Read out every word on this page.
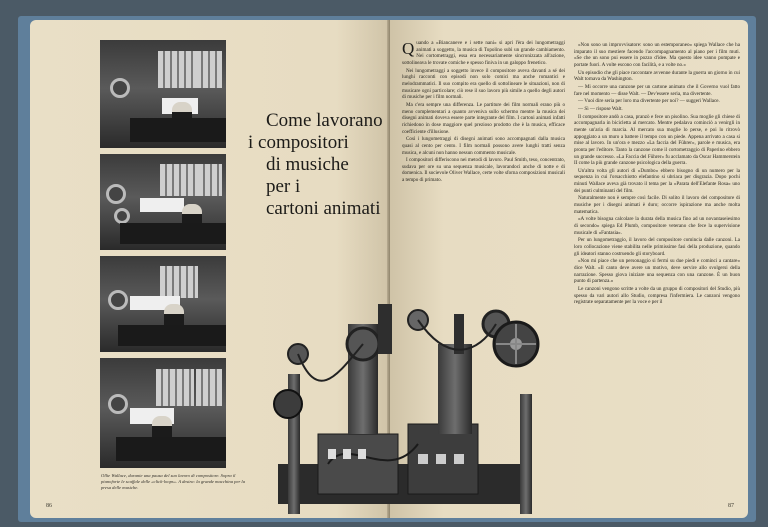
Come lavorano
i compositori
di musiche
per i
cartoni animati
Ollie Wallace, durante una pausa del suo lavoro di compositore. Sopra il pianoforte le scaffale delle «click-loops». A destra: la grande macchina per la presa delle musiche.
86

Quando a «Biancaneve e i sette nani» si apri l'èra dei lungometraggi animati a soggetto, la musica di Topolino subì un grande cambiamento. Nei cortometraggi, essa era necessariamente sincronizzata all'azione, sottolineava le trovate comiche e spesso finiva in un galoppo frenetico.

Nei lungometraggi a soggetto invece il compositore aveva davanti a sé dei lunghi racconti con episodi non solo comici ma anche romantici e melodrammatici. Il suo compito era quello di sottolineare le situazioni, non di musicare ogni particolare; ciò rese il suo lavoro più simile a quello degli autori di musiche per i film normali.

Ma c'era sempre una differenza. Le partiture dei film normali erano più o meno complementari a quanto avveniva sullo schermo mentre la musica dei disegni animati doveva essere parte integrante del film. I cartoni animati infatti richiedono in dose maggiore quel prezioso prodotto che è la musica, efficace coefficiente d'illusione.

Così i lungometraggi di disegni animati sono accompagnati dalla musica quasi al cento per cento. I film normali possono avere lunghi tratti senza musica, e alcuni non hanno nessun commento musicale.

I compositori differiscono nei metodi di lavoro. Paul Smith, teso, concentrato, sudava per ore su una sequenza musicale, lavorandoci anche di notte e di domenica. Il socievole Oliver Wallace, certe volte sforna composizioni musicali a tempo di primato.

«Non sono un improvvisatore: sono un estemporaneo» spiega Wallace che ha imparato il suo mestiere facendo l'accompagnamento al piano per i film muti. «Se che un sono pui essere in pozzo d'idee. Ma questo idee vanno pompate e portate fuori. A volte escono con facilità, e a volte no.»

Un episodio che gli piace raccontare avvenne durante la guerra un giorno in cui Walt tornava da Washington.

— Mi occorre una canzone per un cartone animato che il Governo vuol fatto fare nel momento — disse Walt. — Dev'essere seria, ma divertente.

— Vuoi dire seria per loro ma divertente per noi? — suggerì Wallace.

— Sì — rispose Walt.

Il compositore andò a casa, pranzò e fece un pisolino. Sua moglie gli chiese di accompagnarla in bicicletta al mercato. Mentre pedalava cominciò a venirgli in mente un'aria di marcia. Al mercato sua moglie lo perse, e poi lo ritrovò appoggiato a un muro a battere il tempo con un piede. Appena arrivato a casa si mise al lavoro. In un'ora e mezzo «La faccia del Führer», parole e musica, era pronta per l'editore. Tanto la canzone come il cortometraggio di Paperino ebbero un grande successo. «La Faccia del Führer» fu acclamato da Oscar Hammerstein II come la più grande canzone psicologica della guerra.

Un'altra volta gli autori di «Dumbo» ebbero bisogno di un numero per la sequenza in cui l'orsacchiotto elefantino si ubriaca per disgrazia. Dopo pochi minuti Wallace aveva già trovato il tema per la «Parata dell'Elefante Rosa» uno dei punti culminanti del film.

Naturalmente non è sempre così facile. Di solito il lavoro del compositore di musiche per i disegni animati è duro; occorre ispirazione ma anche molta matematica.

«A volte bisogna calcolare la durata della musica fino ad un novantaseiesimo di secondo» spiega Ed Plumb, compositore veterano che fece la supervisione musicale di «Fantasia».

Per un lungometraggio, il lavoro del compositore comincia dalle canzoni. La loro collocazione viene stabilita nelle primissime fasi della produzione, quando gli ideatori stanno costruendo gli storyboard.

«Non mi piace che un personaggio si fermi su due piedi e cominci a cantare» dice Walt. «Il canto deve avere un motivo, deve servire allo svolgersi della narrazione. Spesso giova iniziare una sequenza con una canzone. È un buon punto di partenza.»

Le canzoni vengono scritte a volte da un gruppo di compositori del Studio, più spesso da vari autori allo Studio, compresa l'infermiera. Le canzoni vengono registrate separatamente per la voce e per il

87
